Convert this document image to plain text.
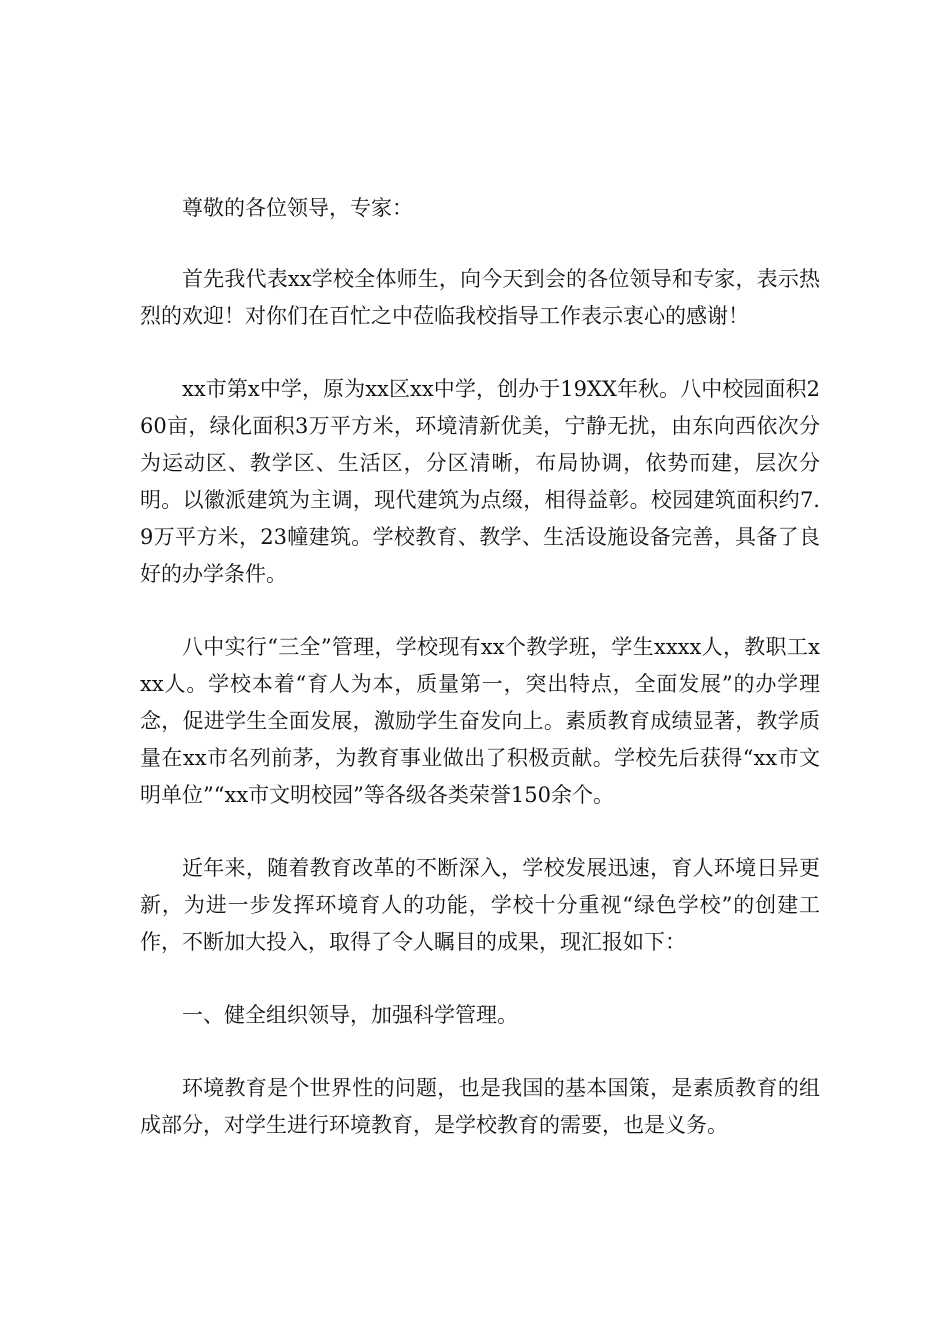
尊敬的各位领导，专家：

首先我代表xx学校全体师生，向今天到会的各位领导和专家，表示热烈的欢迎！对你们在百忙之中莅临我校指导工作表示衷心的感谢！

xx市第x中学，原为xx区xx中学，创办于19XX年秋。八中校园面积260亩，绿化面积3万平方米，环境清新优美，宁静无扰，由东向西依次分为运动区、教学区、生活区，分区清晰，布局协调，依势而建，层次分明。以徽派建筑为主调，现代建筑为点缀，相得益彰。校园建筑面积约7.9万平方米，23幢建筑。学校教育、教学、生活设施设备完善，具备了良好的办学条件。

八中实行“三全”管理，学校现有xx个教学班，学生xxxx人，教职工xxx人。学校本着“育人为本，质量第一，突出特点，全面发展”的办学理念，促进学生全面发展，激励学生奋发向上。素质教育成绩显著，教学质量在xx市名列前茅，为教育事业做出了积极贡献。学校先后获得“xx市文明单位”“xx市文明校园”等各级各类荣誉150余个。

近年来，随着教育改革的不断深入，学校发展迅速，育人环境日异更新，为进一步发挥环境育人的功能，学校十分重视“绿色学校”的创建工作，不断加大投入，取得了令人瞩目的成果，现汇报如下：

一、健全组织领导，加强科学管理。

环境教育是个世界性的问题，也是我国的基本国策，是素质教育的组成部分，对学生进行环境教育，是学校教育的需要，也是义务。
